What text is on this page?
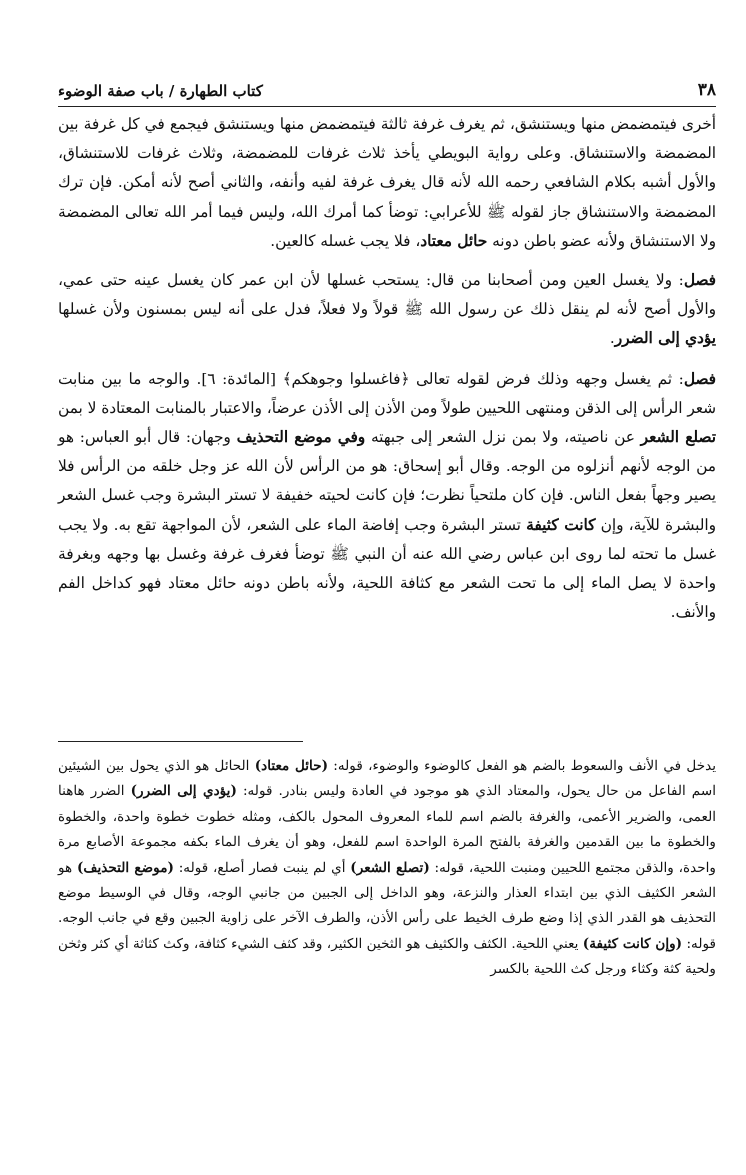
٣٨
كتاب الطهارة / باب صفة الوضوء

أخرى فيتمضمض منها ويستنشق، ثم يغرف غرفة ثالثة فيتمضمض منها ويستنشق فيجمع في كل غرفة بين المضمضة والاستنشاق. وعلى رواية البويطي يأخذ ثلاث غرفات للمضمضة، وثلاث غرفات للاستنشاق، والأول أشبه بكلام الشافعي رحمه الله لأنه قال يغرف غرفة لفيه وأنفه، والثاني أصح لأنه أمكن. فإن ترك المضمضة والاستنشاق جاز لقوله ﷺ للأعرابي: توضأ كما أمرك الله، وليس فيما أمر الله تعالى المضمضة ولا الاستنشاق ولأنه عضو باطن دونه حائل معتاد، فلا يجب غسله كالعين.

فصل: ولا يغسل العين ومن أصحابنا من قال: يستحب غسلها لأن ابن عمر كان يغسل عينه حتى عمي، والأول أصح لأنه لم ينقل ذلك عن رسول الله ﷺ قولاً ولا فعلاً، فدل على أنه ليس بمسنون ولأن غسلها يؤدي إلى الضرر.

فصل: ثم يغسل وجهه وذلك فرض لقوله تعالى ﴿فاغسلوا وجوهكم﴾ [المائدة: ٦]. والوجه ما بين منابت شعر الرأس إلى الذقن ومنتهى اللحيين طولاً ومن الأذن إلى الأذن عرضاً، والاعتبار بالمنابت المعتادة لا بمن تصلع الشعر عن ناصيته، ولا بمن نزل الشعر إلى جبهته وفي موضع التحذيف وجهان: قال أبو العباس: هو من الوجه لأنهم أنزلوه من الوجه. وقال أبو إسحاق: هو من الرأس لأن الله عز وجل خلقه من الرأس فلا يصير وجهاً بفعل الناس. فإن كان ملتحياً نظرت؛ فإن كانت لحيته خفيفة لا تستر البشرة وجب غسل الشعر والبشرة للآية، وإن كانت كثيفة تستر البشرة وجب إفاضة الماء على الشعر، لأن المواجهة تقع به. ولا يجب غسل ما تحته لما روى ابن عباس رضي الله عنه أن النبي ﷺ توضأ فغرف غرفة وغسل بها وجهه وبغرفة واحدة لا يصل الماء إلى ما تحت الشعر مع كثافة اللحية، ولأنه باطن دونه حائل معتاد فهو كداخل الفم والأنف.

يدخل في الأنف والسعوط بالضم هو الفعل كالوضوء والوضوء، قوله: (حائل معتاد) الحائل هو الذي يحول بين الشيئين اسم الفاعل من حال يحول، والمعتاد الذي هو موجود في العادة وليس بنادر. قوله: (يؤدي إلى الضرر) الضرر هاهنا العمى، والضرير الأعمى، والغرفة بالضم اسم للماء المعروف المحول بالكف، ومثله خطوت خطوة واحدة، والخطوة والخطوة ما بين القدمين والغرفة بالفتح المرة الواحدة اسم للفعل، وهو أن يغرف الماء بكفه مجموعة الأصابع مرة واحدة، والذقن مجتمع اللحيين ومنبت اللحية، قوله: (تصلع الشعر) أي لم ينبت فصار أصلع، قوله: (موضع التحذيف) هو الشعر الكثيف الذي بين ابتداء العذار والنزعة، وهو الداخل إلى الجبين من جانبي الوجه، وقال في الوسيط موضع التحذيف هو القدر الذي إذا وضع طرف الخيط على رأس الأذن، والطرف الآخر على زاوية الجبين وقع في جانب الوجه. قوله: (وإن كانت كثيفة) يعني اللحية. الكثف والكثيف هو الثخين الكثير، وقد كثف الشيء كثافة، وكث كثاثة أي كثر وثخن ولحية كثة وكثاء ورجل كث اللحية بالكسر
